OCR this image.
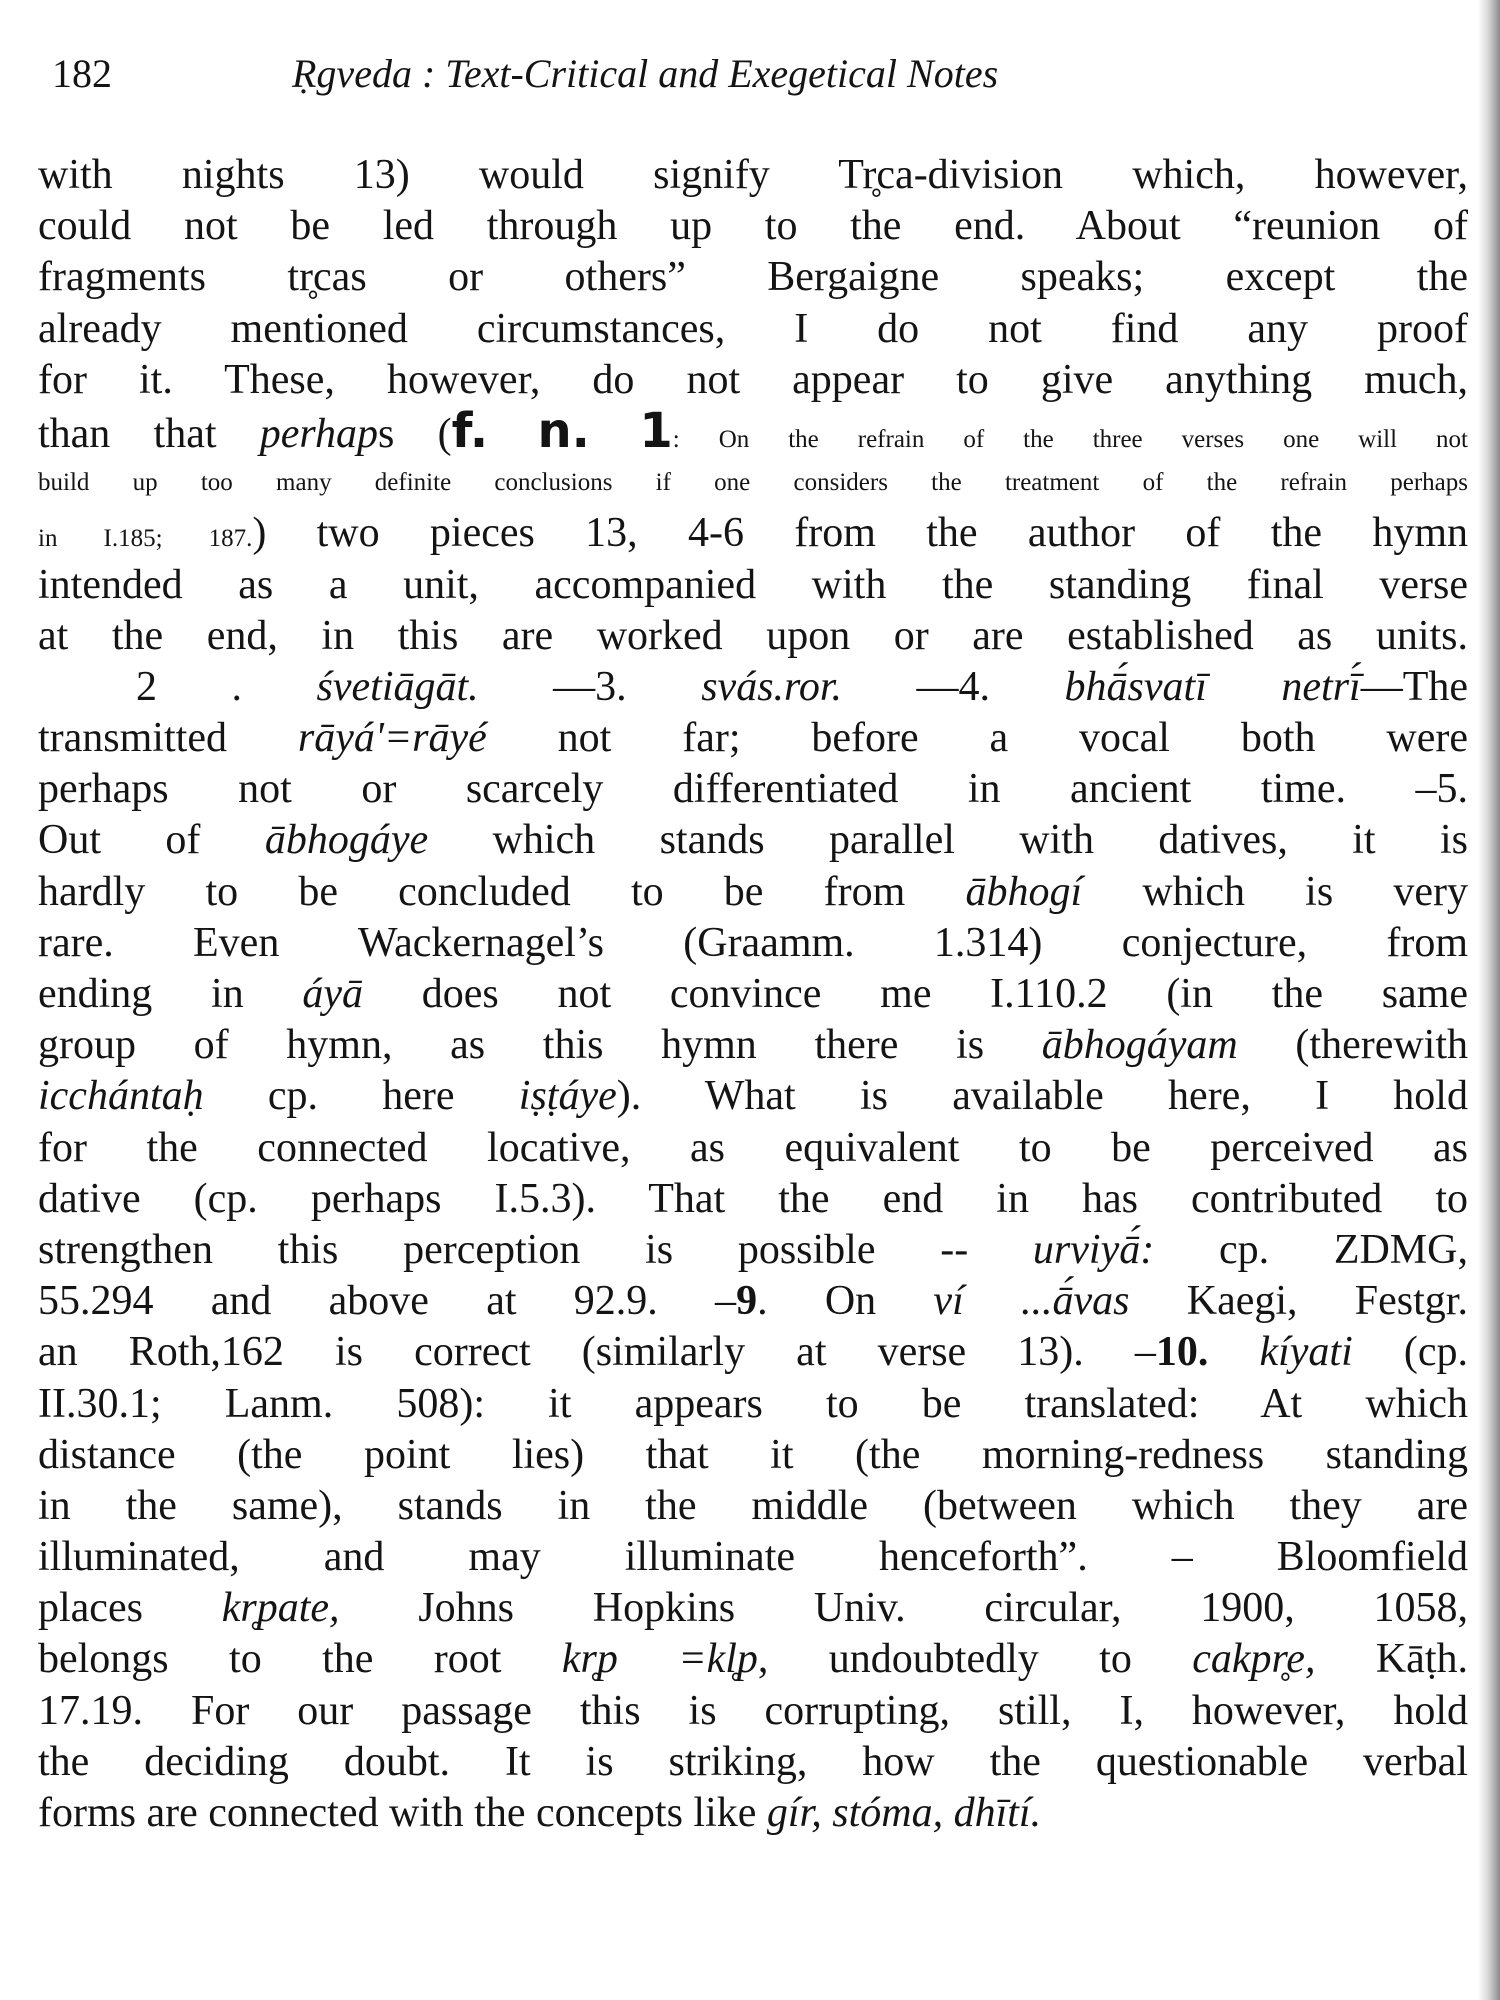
182	Ṛgveda : Text-Critical and Exegetical Notes
with nights 13) would signify Tr̥ca-division which, however,
could not be led through up to the end. About “reunion of
fragments tr̥cas or others” Bergaigne speaks; except the
already mentioned circumstances, I do not find any proof
for it. These, however, do not appear to give anything much,
than that perhaps (f. n. 1: On the refrain of the three verses one will not
build up too many definite conclusions if one considers the treatment of the refrain perhaps
in I.185; 187.) two pieces 13, 4-6 from the author of the hymn
intended as a unit, accompanied with the standing final verse
at the end, in this are worked upon or are established as units.
2 . śvetiāgāt. —3. svás.ror. —4. bhā́svatī netrī́—The
transmitted rāyá'=rāyé not far; before a vocal both were
perhaps not or scarcely differentiated in ancient time. –5.
Out of ābhogáye which stands parallel with datives, it is
hardly to be concluded to be from ābhogí which is very
rare. Even Wackernagel’s (Graamm. 1.314) conjecture, from
ending in áyā does not convince me I.110.2 (in the same
group of hymn, as this hymn there is ābhogáyam (therewith
icchántaḥ cp. here iṣṭáye). What is available here, I hold
for the connected locative, as equivalent to be perceived as
dative (cp. perhaps I.5.3). That the end in has contributed to
strengthen this perception is possible -- urviyā́: cp. ZDMG,
55.294 and above at 92.9. –9. On ví ...ā́vas Kaegi, Festgr.
an Roth,162 is correct (similarly at verse 13). –10. kíyati (cp.
II.30.1; Lanm. 508): it appears to be translated: At which
distance (the point lies) that it (the morning-redness standing
in the same), stands in the middle (between which they are
illuminated, and may illuminate henceforth”. – Bloomfield
places kr̥pate, Johns Hopkins Univ. circular, 1900, 1058,
belongs to the root kr̥p =kl̥p, undoubtedly to cakpr̥e, Kāṭh.
17.19. For our passage this is corrupting, still, I, however, hold
the deciding doubt. It is striking, how the questionable verbal
forms are connected with the concepts like gír, stóma, dhītí.
